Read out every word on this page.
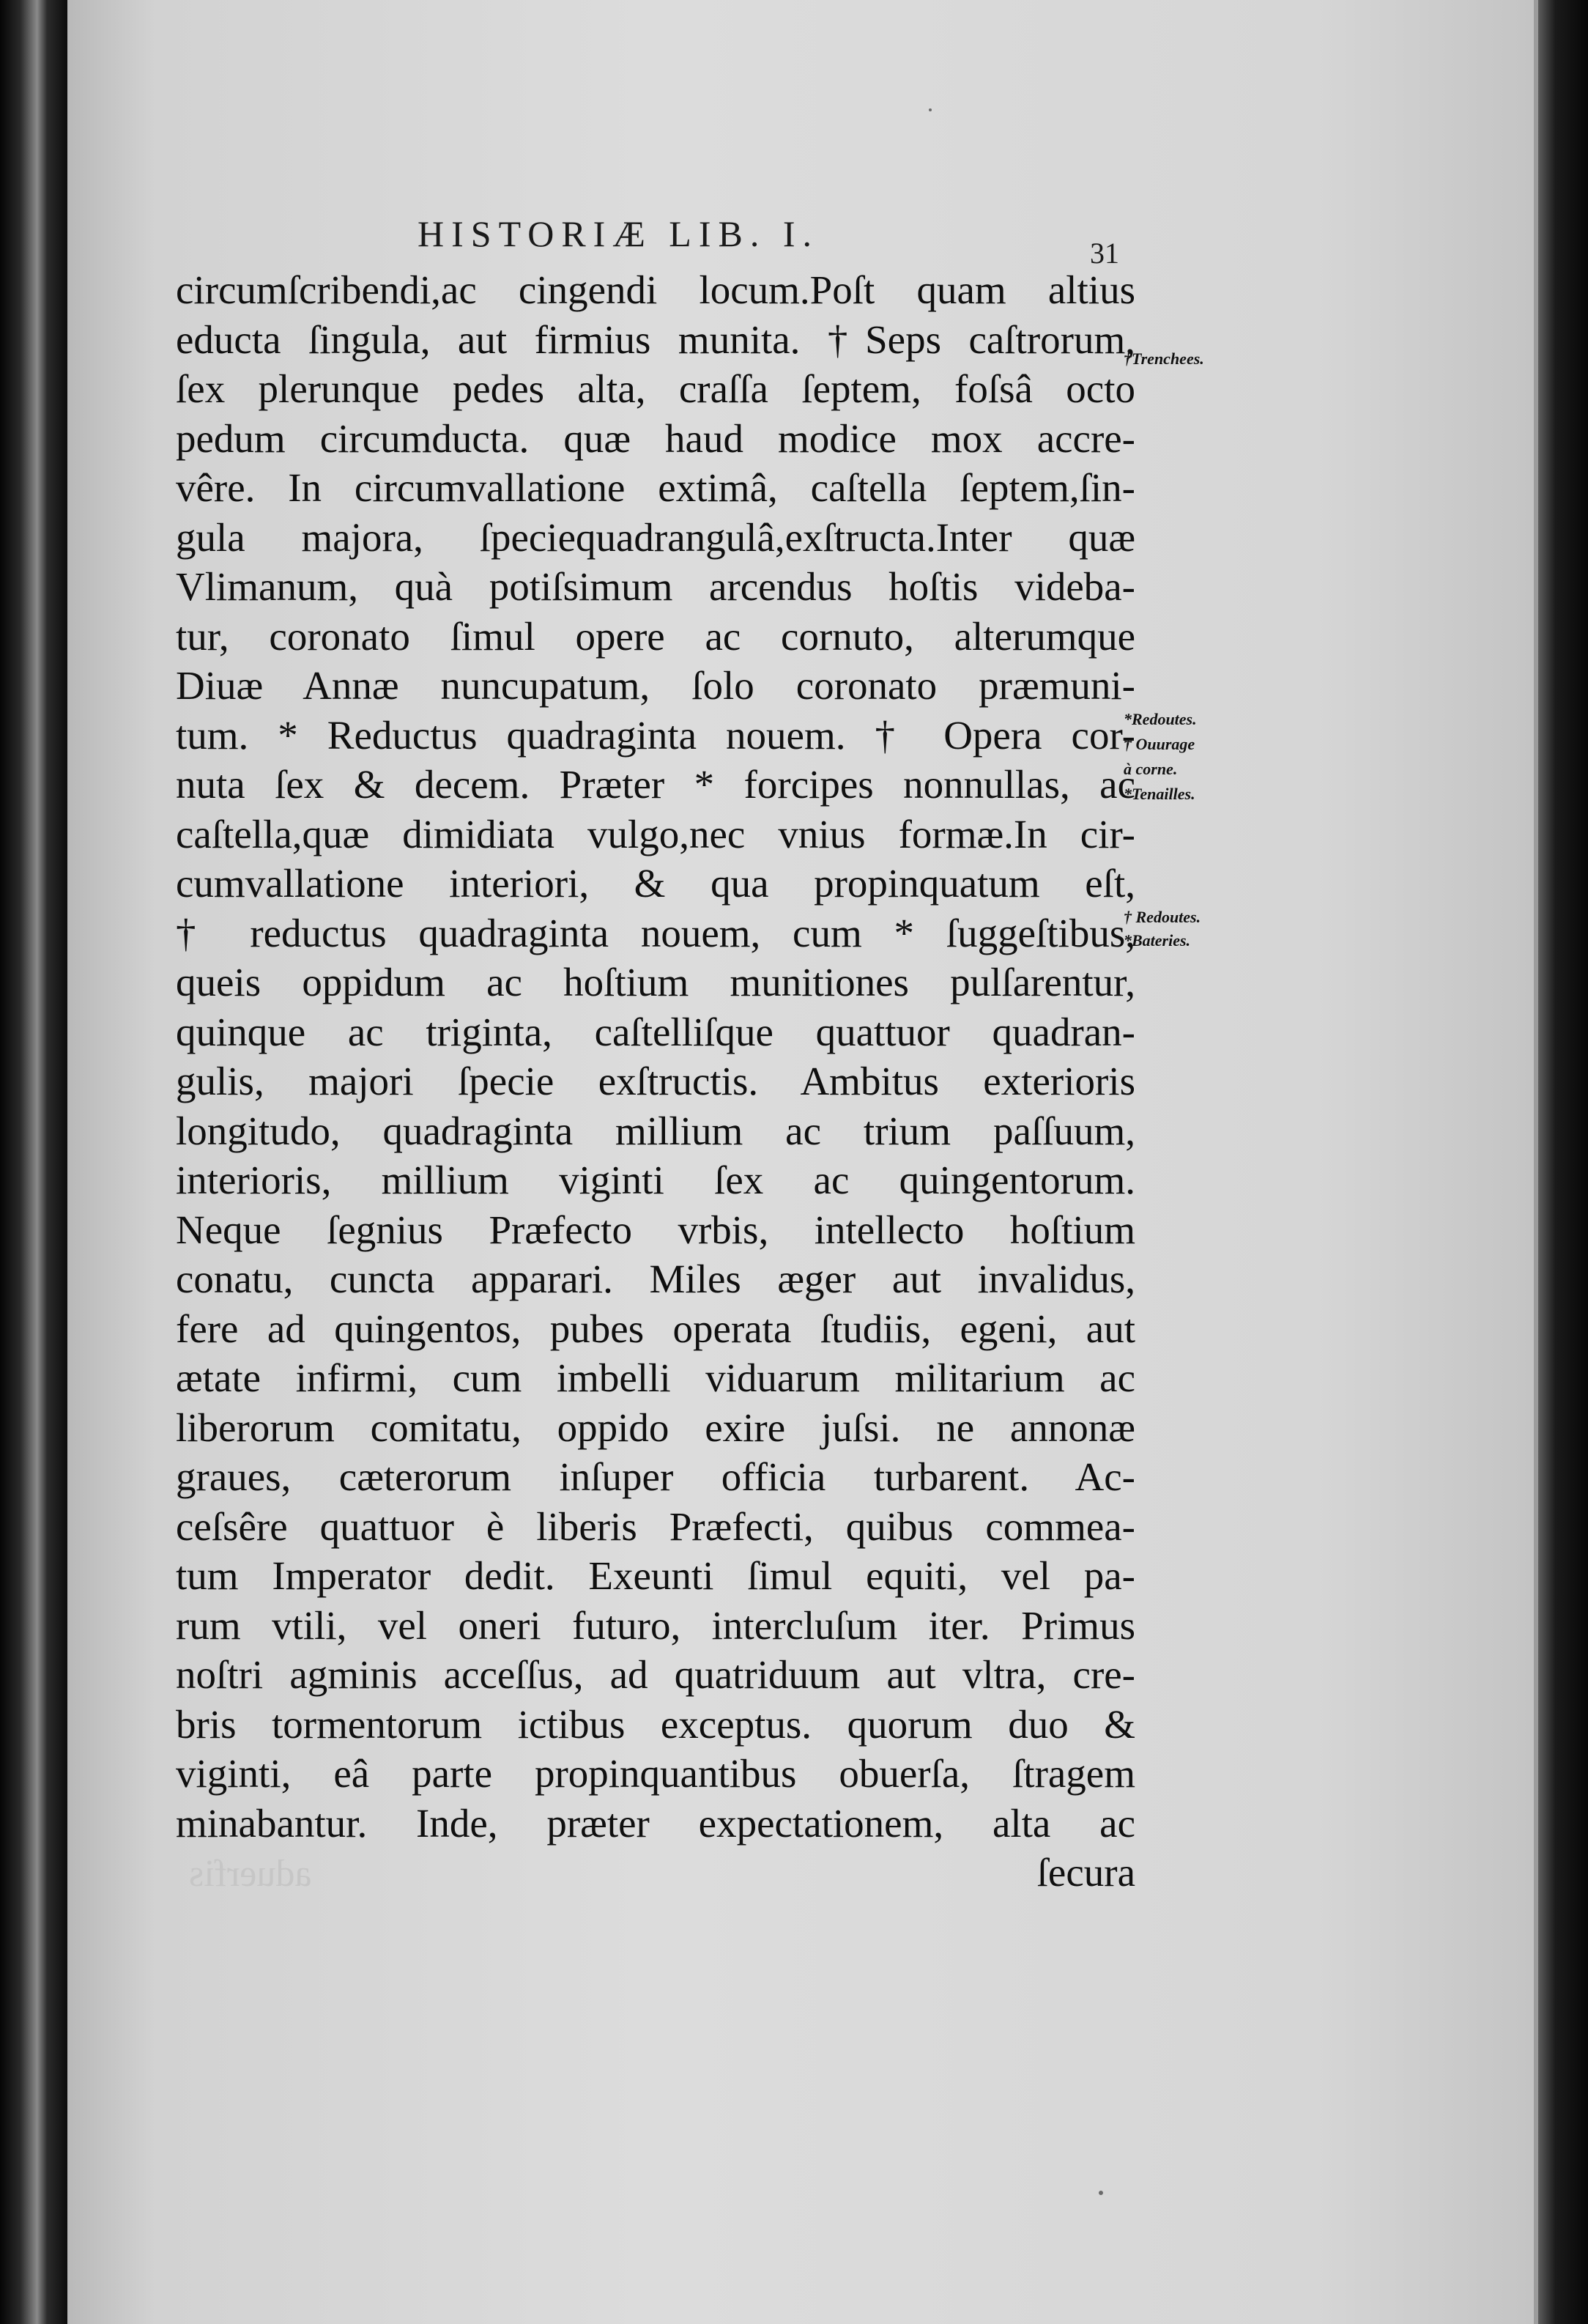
HISTORIÆ LIB. I.	31
circumſcribendi,ac cingendi locum.Poſt quam altius
educta ſingula, aut firmius munita. †Seps caſtrorum,
ſex plerunque pedes alta, craſſa ſeptem, foſsâ octo
pedum circumducta. quæ haud modice mox accre-
vêre. In circumvallatione extimâ, caſtella ſeptem,ſin-
gula majora, ſpeciequadrangulâ,exſtructa.Inter quæ
Vlimanum, quà potiſsimum arcendus hoſtis videba-
tur, coronato ſimul opere ac cornuto, alterumque
Diuæ Annæ nuncupatum, ſolo coronato præmuni-
tum. * Reductus quadraginta nouem. † Opera cor-
nuta ſex & decem. Præter * forcipes nonnullas, ac
caſtella,quæ dimidiata vulgo,nec vnius formæ.In cir-
cumvallatione interiori, & qua propinquatum eſt,
† reductus quadraginta nouem, cum * ſuggeſtibus,
queis oppidum ac hoſtium munitiones pulſarentur,
quinque ac triginta, caſtelliſque quattuor quadran-
gulis, majori ſpecie exſtructis. Ambitus exterioris
longitudo, quadraginta millium ac trium paſſuum,
interioris, millium viginti ſex ac quingentorum.
Neque ſegnius Præfecto vrbis, intellecto hoſtium
conatu, cuncta apparari. Miles æger aut invalidus,
fere ad quingentos, pubes operata ſtudiis, egeni, aut
ætate infirmi, cum imbelli viduarum militarium ac
liberorum comitatu, oppido exire juſsi. ne annonæ
graues, cæterorum inſuper officia turbarent. Ac-
ceſsêre quattuor è liberis Præfecti, quibus commea-
tum Imperator dedit. Exeunti ſimul equiti, vel pa-
rum vtili, vel oneri futuro, intercluſum iter. Primus
noſtri agminis acceſſus, ad quatriduum aut vltra, cre-
bris tormentorum ictibus exceptus. quorum duo &
viginti, eâ parte propinquantibus obuerſa, ſtragem
minabantur. Inde, præter expectationem, alta ac
ſecura
†Trenchees.
*Redoutes.
† Ouurage
à corne.
*Tenailles.
† Redoutes.
*Bateries.
aduerfis
